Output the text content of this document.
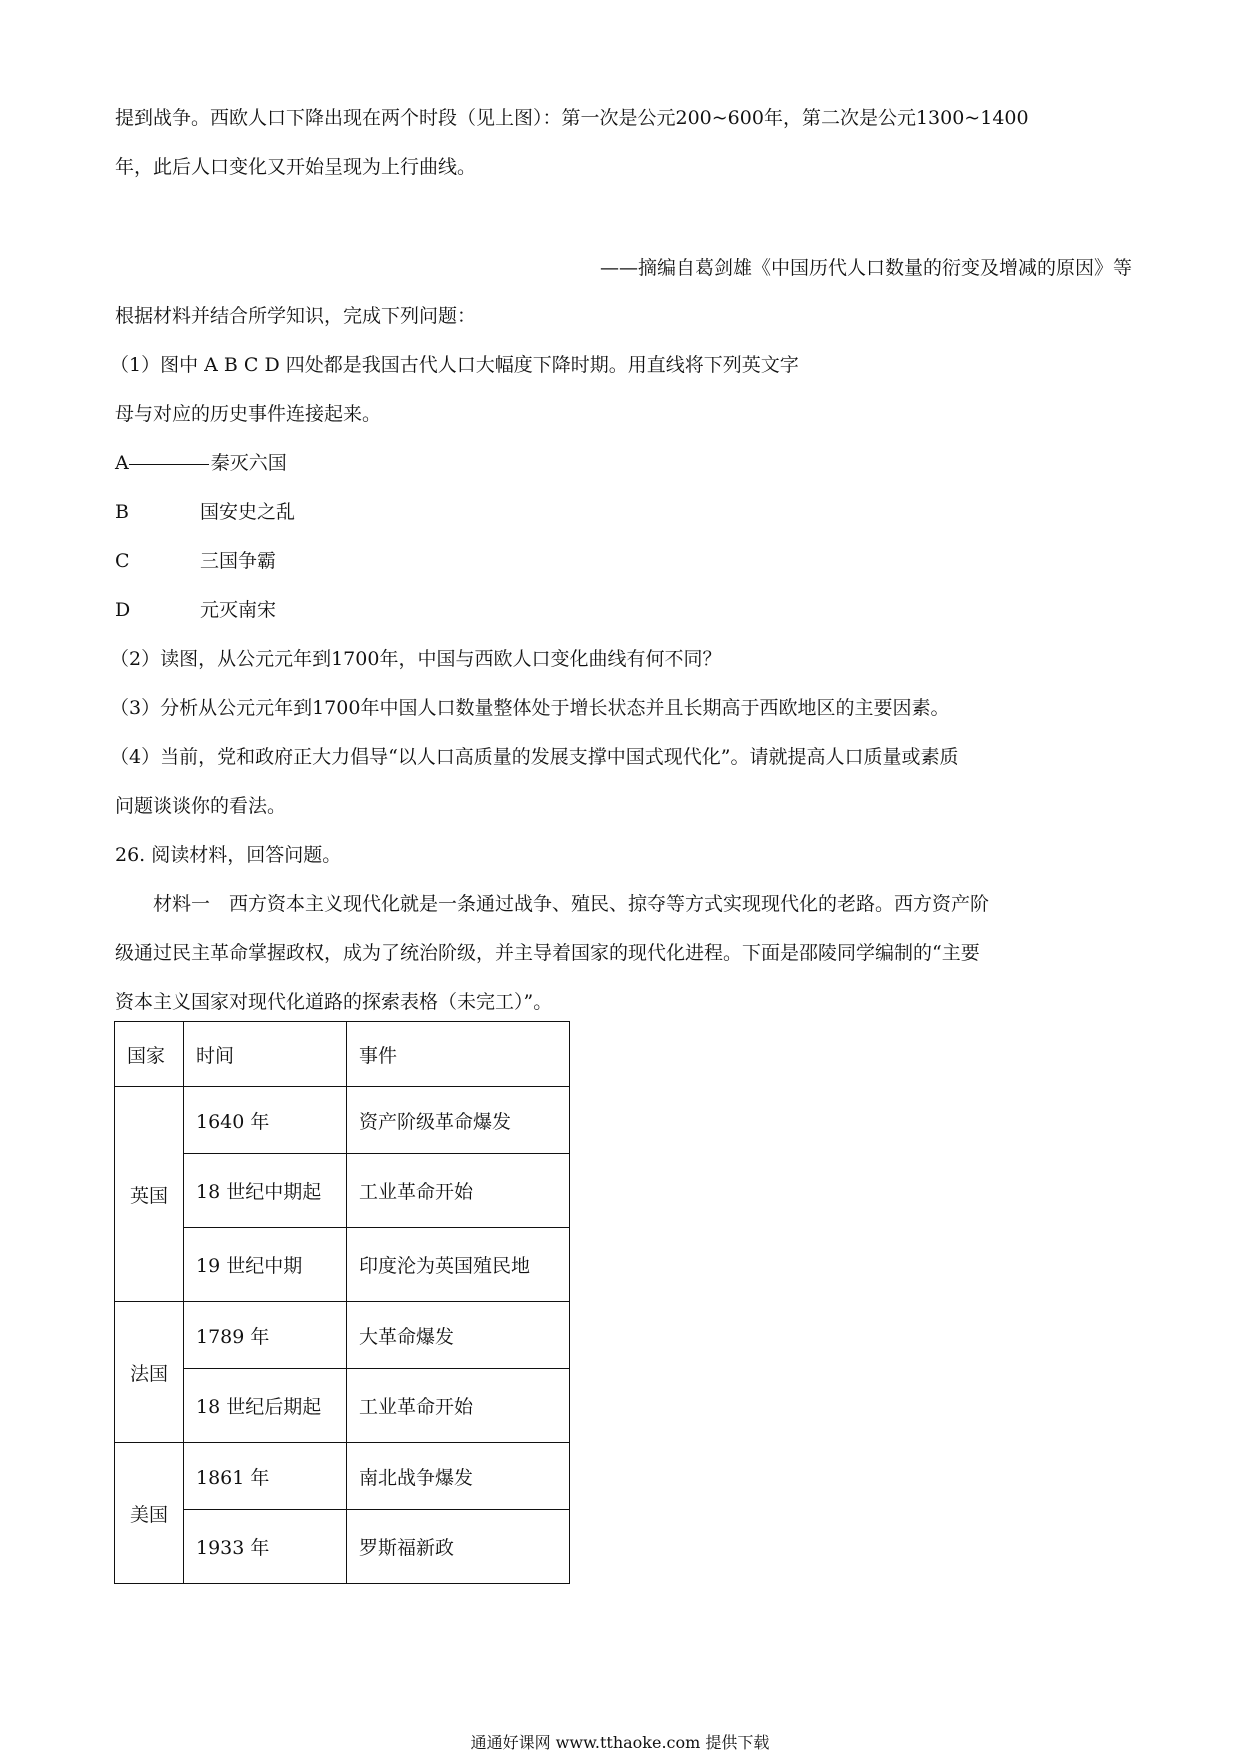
提到战争。西欧人口下降出现在两个时段（见上图）：第一次是公元200~600年，第二次是公元1300~1400
年，此后人口变化又开始呈现为上行曲线。
——摘编自葛剑雄《中国历代人口数量的衍变及增减的原因》等
根据材料并结合所学知识，完成下列问题：
（1）图中 A B C D 四处都是我国古代人口大幅度下降时期。用直线将下列英文字
母与对应的历史事件连接起来。
A	秦灭六国
B	国安史之乱
C	三国争霸
D	元灭南宋
（2）读图，从公元元年到1700年，中国与西欧人口变化曲线有何不同？
（3）分析从公元元年到1700年中国人口数量整体处于增长状态并且长期高于西欧地区的主要因素。
（4）当前，党和政府正大力倡导“以人口高质量的发展支撑中国式现代化”。请就提高人口质量或素质
问题谈谈你的看法。
26. 阅读材料，回答问题。
材料一　西方资本主义现代化就是一条通过战争、殖民、掠夺等方式实现现代化的老路。西方资产阶
级通过民主革命掌握政权，成为了统治阶级，并主导着国家的现代化进程。下面是邵陵同学编制的“主要
资本主义国家对现代化道路的探索表格（未完工）”。
国家	时间	事件
英国	1640 年	资产阶级革命爆发
	18 世纪中期起	工业革命开始
	19 世纪中期	印度沦为英国殖民地
法国	1789 年	大革命爆发
	18 世纪后期起	工业革命开始
美国	1861 年	南北战争爆发
	1933 年	罗斯福新政
通通好课网 www.tthaoke.com 提供下载
